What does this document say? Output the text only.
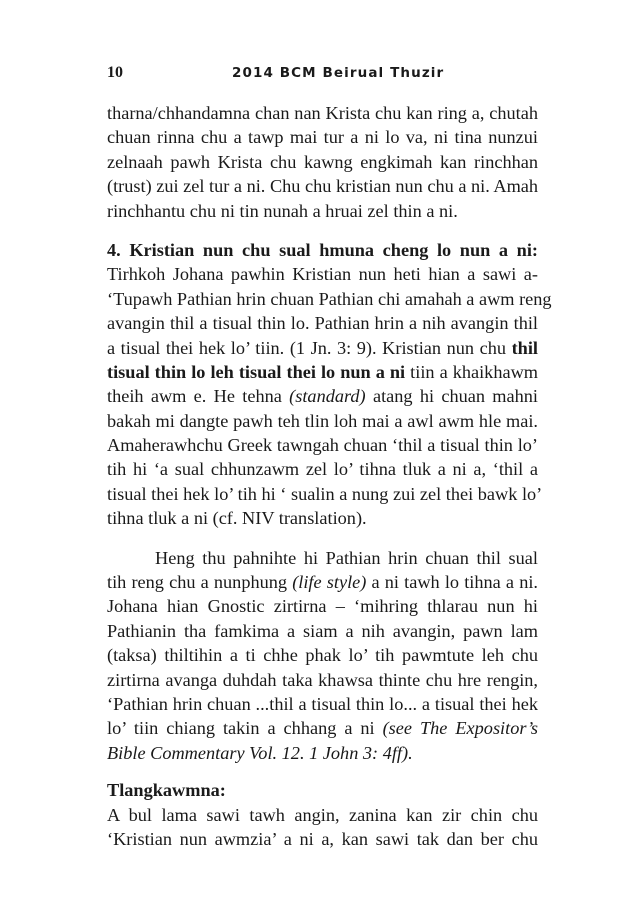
10	2014 BCM Beirual Thuzir
tharna/chhandamna chan nan Krista chu kan ring a, chutah
chuan rinna chu a tawp mai tur a ni lo va, ni tina nunzui
zelnaah pawh Krista chu kawng engkimah kan rinchhan
(trust) zui zel tur a ni. Chu chu kristian nun chu a ni. Amah
rinchhantu chu ni tin nunah a hruai zel thin a ni.
4. Kristian nun chu sual hmuna cheng lo nun a ni:
Tirhkoh Johana pawhin Kristian nun heti hian a sawi a-
‘Tupawh Pathian hrin chuan Pathian chi amahah a awm reng
avangin thil a tisual thin lo. Pathian hrin a nih avangin thil
a tisual thei hek lo’ tiin. (1 Jn. 3: 9). Kristian nun chu thil
tisual thin lo leh tisual thei lo nun a ni tiin a khaikhawm
theih awm e. He tehna (standard) atang hi chuan mahni
bakah mi dangte pawh teh tlin loh mai a awl awm hle mai.
Amaherawhchu Greek tawngah chuan ‘thil a tisual thin lo’
tih hi ‘a sual chhunzawm zel lo’ tihna tluk a ni a, ‘thil a
tisual thei hek lo’ tih hi ‘ sualin a nung zui zel thei bawk lo’
tihna tluk a ni (cf. NIV translation).
Heng thu pahnihte hi Pathian hrin chuan thil sual
tih reng chu a nunphung (life style) a ni tawh lo tihna a ni.
Johana hian Gnostic zirtirna – ‘mihring thlarau nun hi
Pathianin tha famkima a siam a nih avangin, pawn lam
(taksa) thiltihin a ti chhe phak lo’ tih pawmtute leh chu
zirtirna avanga duhdah taka khawsa thinte chu hre rengin,
‘Pathian hrin chuan ...thil a tisual thin lo... a tisual thei hek
lo’ tiin chiang takin a chhang a ni (see The Expositor’s
Bible Commentary Vol. 12. 1 John 3: 4ff).
Tlangkawmna:
A bul lama sawi tawh angin, zanina kan zir chin chu
‘Kristian nun awmzia’ a ni a, kan sawi tak dan ber chu
